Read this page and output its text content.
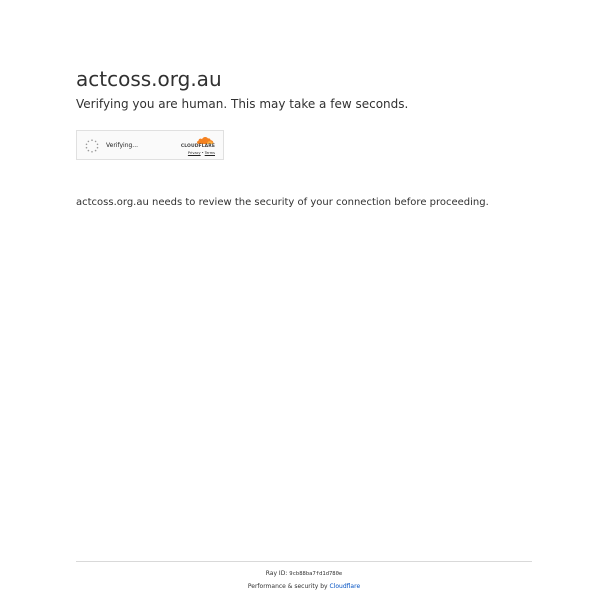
actcoss.org.au

Verifying you are human. This may take a few seconds.

Verifying...	CLOUDFLARE
Privacy•Terms

actcoss.org.au needs to review the security of your connection before proceeding.

Ray ID: 9cb88ba7fd1d780e
Performance & security by Cloudflare
